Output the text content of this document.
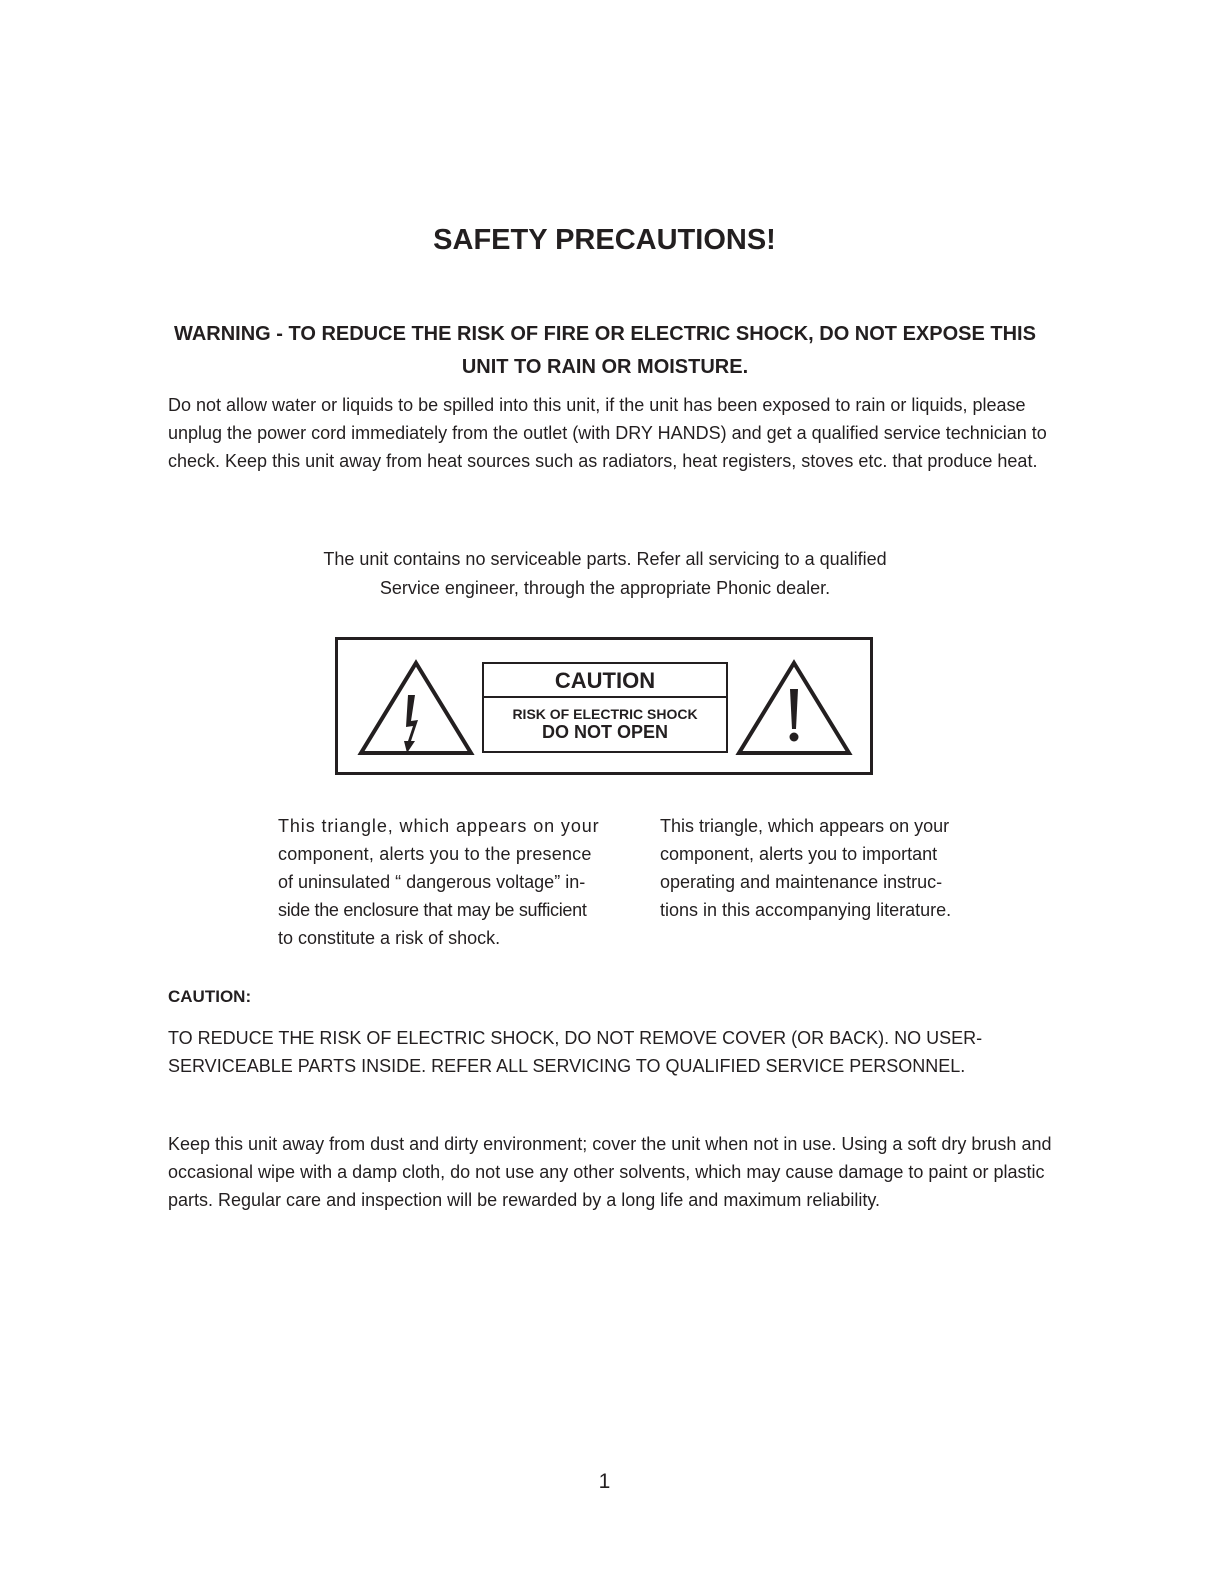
SAFETY PRECAUTIONS!
WARNING - TO REDUCE THE RISK OF FIRE OR ELECTRIC SHOCK, DO NOT EXPOSE THIS
UNIT TO RAIN OR MOISTURE.

Do not allow water or liquids to be spilled into this unit, if the unit has been exposed to rain or liquids, please unplug the power cord immediately from the outlet (with DRY HANDS) and get a qualified service technician to check. Keep this unit away from heat sources such as radiators, heat registers, stoves etc. that produce heat.

The unit contains no serviceable parts. Refer all servicing to a qualified
Service engineer, through the appropriate Phonic dealer.
CAUTION
RISK OF ELECTRIC SHOCK
DO NOT OPEN
This triangle, which appears on your
component, alerts you to the presence
of uninsulated “ dangerous voltage” in-
side the enclosure that may be sufficient
to constitute a risk of shock.
This triangle, which appears on your
component, alerts you to important
operating and maintenance instruc-
tions in this accompanying literature.

CAUTION:

TO REDUCE THE RISK OF ELECTRIC SHOCK, DO NOT REMOVE COVER (OR BACK). NO USER-SERVICEABLE PARTS INSIDE. REFER ALL SERVICING TO QUALIFIED SERVICE PERSONNEL.

Keep this unit away from dust and dirty environment; cover the unit when not in use. Using a soft dry brush and occasional wipe with a damp cloth, do not use any other solvents, which may cause damage to paint or plastic parts. Regular care and inspection will be rewarded by a long life and maximum reliability.

1
